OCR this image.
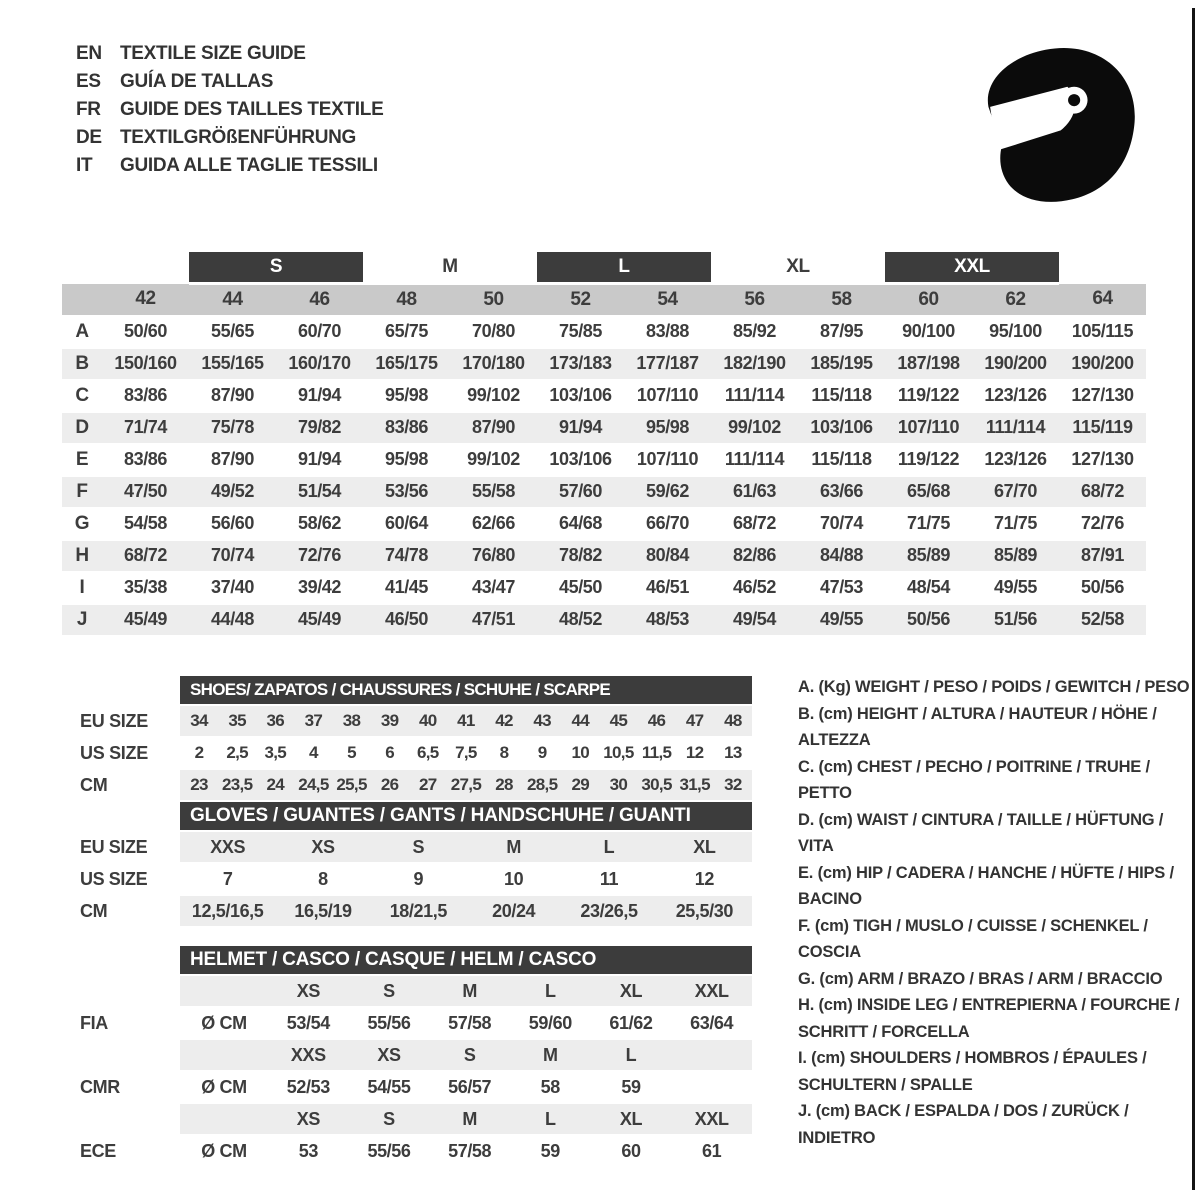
EN TEXTILE SIZE GUIDE
ES	GUÍA DE TALLAS
FR	GUIDE DES TAILLES TEXTILE
DE TEXTILGRÖßENFÜHRUNG
IT	GUIDA ALLE TAGLIE TESSILI
		S		M		L		XL		XXL		
	42	44	46	48	50	52	54	56	58	60	62	64
A	50/60	55/65	60/70	65/75	70/80	75/85	83/88	85/92	87/95	90/100	95/100	105/115
B	150/160	155/165	160/170	165/175	170/180	173/183	177/187	182/190	185/195	187/198	190/200	190/200
C	83/86	87/90	91/94	95/98	99/102	103/106	107/110	111/114	115/118	119/122	123/126	127/130
D	71/74	75/78	79/82	83/86	87/90	91/94	95/98	99/102	103/106	107/110	111/114	115/119
E	83/86	87/90	91/94	95/98	99/102	103/106	107/110	111/114	115/118	119/122	123/126	127/130
F	47/50	49/52	51/54	53/56	55/58	57/60	59/62	61/63	63/66	65/68	67/70	68/72
G	54/58	56/60	58/62	60/64	62/66	64/68	66/70	68/72	70/74	71/75	71/75	72/76
H	68/72	70/74	72/76	74/78	76/80	78/82	80/84	82/86	84/88	85/89	85/89	87/91
I	35/38	37/40	39/42	41/45	43/47	45/50	46/51	46/52	47/53	48/54	49/55	50/56
J	45/49	44/48	45/49	46/50	47/51	48/52	48/53	49/54	49/55	50/56	51/56	52/58
	SHOES/ ZAPATOS / CHAUSSURES / SCHUHE / SCARPE														
EU SIZE	34	35	36	37	38	39	40	41	42	43	44	45	46	47	48
US SIZE	2	2,5	3,5	4	5	6	6,5	7,5	8	9	10	10,5	11,5	12	13
CM	23	23,5	24	24,5	25,5	26	27	27,5	28	28,5	29	30	30,5	31,5	32
	GLOVES / GUANTES / GANTS / HANDSCHUHE / GUANTI					
EU SIZE	XXS	XS	S	M	L	XL
US SIZE	7	8	9	10	11	12
CM	12,5/16,5	16,5/19	18/21,5	20/24	23/26,5	25,5/30
	HELMET / CASCO / CASQUE / HELM / CASCO						
		XS	S	M	L	XL	XXL
FIA	Ø CM	53/54	55/56	57/58	59/60	61/62	63/64
		XXS	XS	S	M	L	
CMR	Ø CM	52/53	54/55	56/57	58	59	
		XS	S	M	L	XL	XXL
ECE	Ø CM	53	55/56	57/58	59	60	61
A. (Kg) WEIGHT / PESO / POIDS / GEWITCH / PESO
B. (cm) HEIGHT / ALTURA / HAUTEUR / HÖHE / ALTEZZA
C. (cm) CHEST / PECHO / POITRINE / TRUHE / PETTO
D. (cm) WAIST / CINTURA / TAILLE / HÜFTUNG / VITA
E. (cm) HIP / CADERA / HANCHE / HÜFTE / HIPS / BACINO
F. (cm) TIGH / MUSLO / CUISSE / SCHENKEL / COSCIA
G. (cm) ARM / BRAZO / BRAS / ARM / BRACCIO
H. (cm) INSIDE LEG / ENTREPIERNA / FOURCHE / SCHRITT / FORCELLA
I. (cm) SHOULDERS / HOMBROS / ÉPAULES / SCHULTERN / SPALLE
J. (cm) BACK / ESPALDA / DOS / ZURÜCK / INDIETRO
